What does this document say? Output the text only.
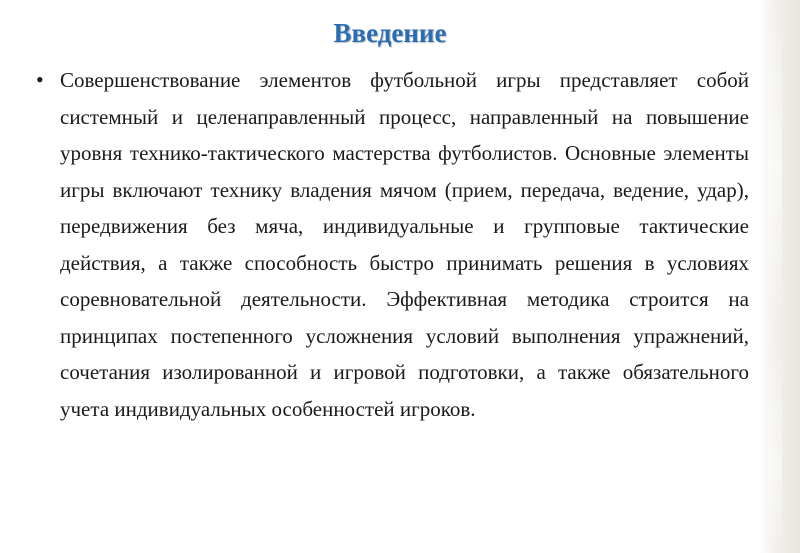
Введение
• Совершенствование элементов футбольной игры представляет собой системный и целенаправленный процесс, направленный на повышение уровня технико-тактического мастерства футболистов. Основные элементы игры включают технику владения мячом (прием, передача, ведение, удар), передвижения без мяча, индивидуальные и групповые тактические действия, а также способность быстро принимать решения в условиях соревновательной деятельности. Эффективная методика строится на принципах постепенного усложнения условий выполнения упражнений, сочетания изолированной и игровой подготовки, а также обязательного учета индивидуальных особенностей игроков.
